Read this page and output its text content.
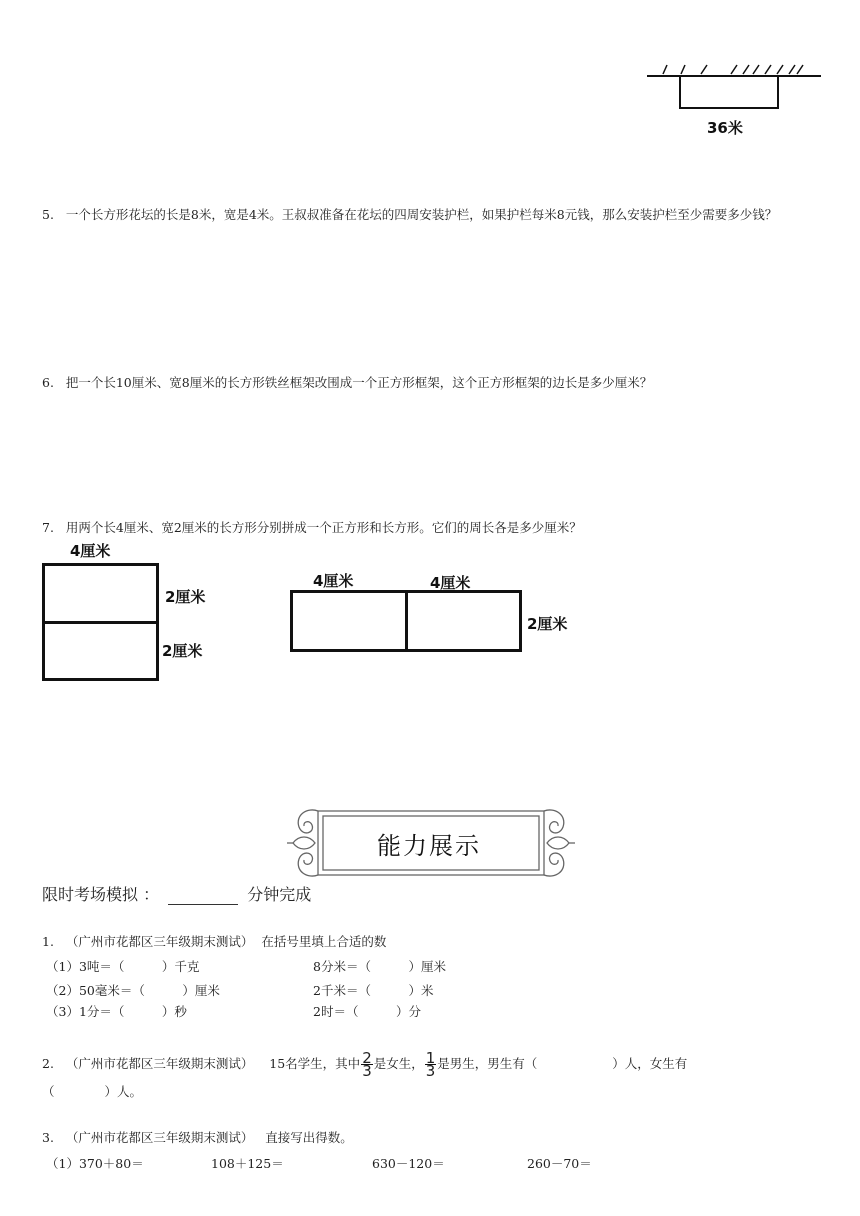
36米
5. 一个长方形花坛的长是8米，宽是4米。王叔叔准备在花坛的四周安装护栏，如果护栏每米8元钱，那么安装护栏至少需要多少钱？
6. 把一个长10厘米、宽8厘米的长方形铁丝框架改围成一个正方形框架，这个正方形框架的边长是多少厘米？
7. 用两个长4厘米、宽2厘米的长方形分别拼成一个正方形和长方形。它们的周长各是多少厘米？
4厘米
2厘米
2厘米
4厘米	4厘米
2厘米
能力展示
限时考场模拟 ：	分钟完成
1. （广州市花都区三年级期末测试） 在括号里填上合适的数
（1）3吨＝（　　　）千克	8分米＝（　　　）厘米
（2）50毫米＝（　　　）厘米	2千米＝（　　　）米
（3）1分＝（　　　）秒	2时＝（　　　）分
2. （广州市花都区三年级期末测试） 15名学生，其中 $\frac{2}{3}$ 是女生， $\frac{1}{3}$ 是男生，男生有（　　　　　　）人，女生有
（　　　　）人。
3. （广州市花都区三年级期末测试） 直接写出得数。
（1）370＋80＝	108＋125＝	630－120＝	260－70＝
